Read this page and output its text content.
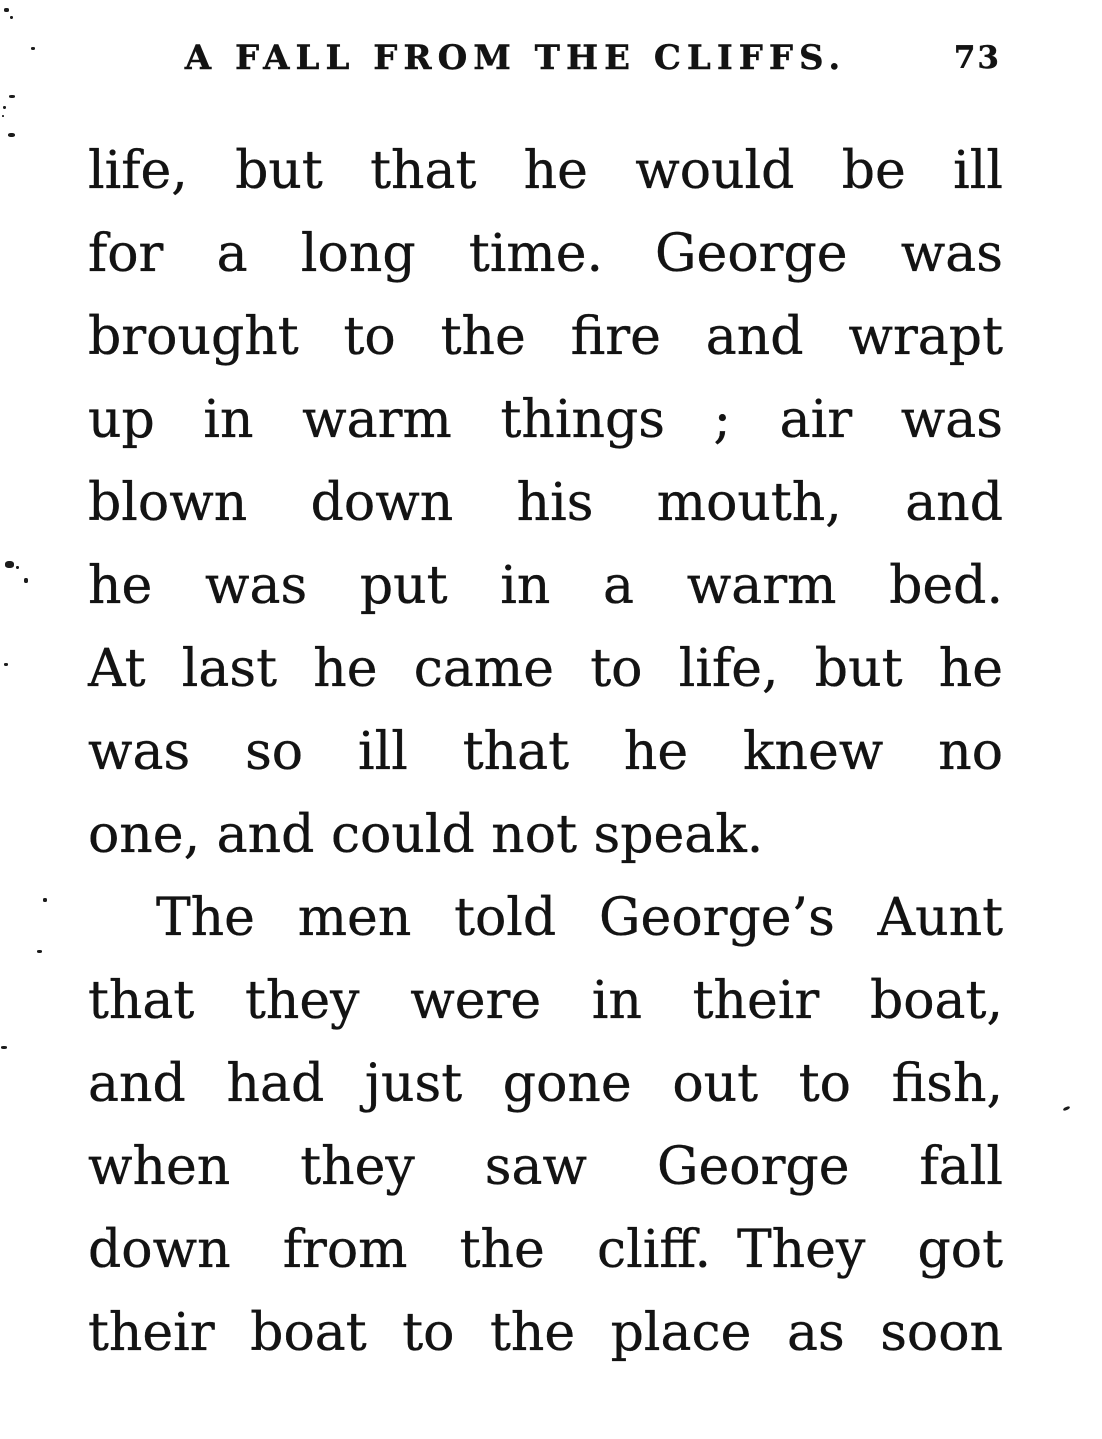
A FALL FROM THE CLIFFS.	73
life, but that he would be ill
for a long time. George was
brought to the fire and wrapt
up in warm things ; air was
blown down his mouth, and
he was put in a warm bed.
At last he came to life, but he
was so ill that he knew no
one, and could not speak.
The men told George’s Aunt
that they were in their boat,
and had just gone out to fish,
when they saw George fall
down from the cliff. They got
their boat to the place as soon
